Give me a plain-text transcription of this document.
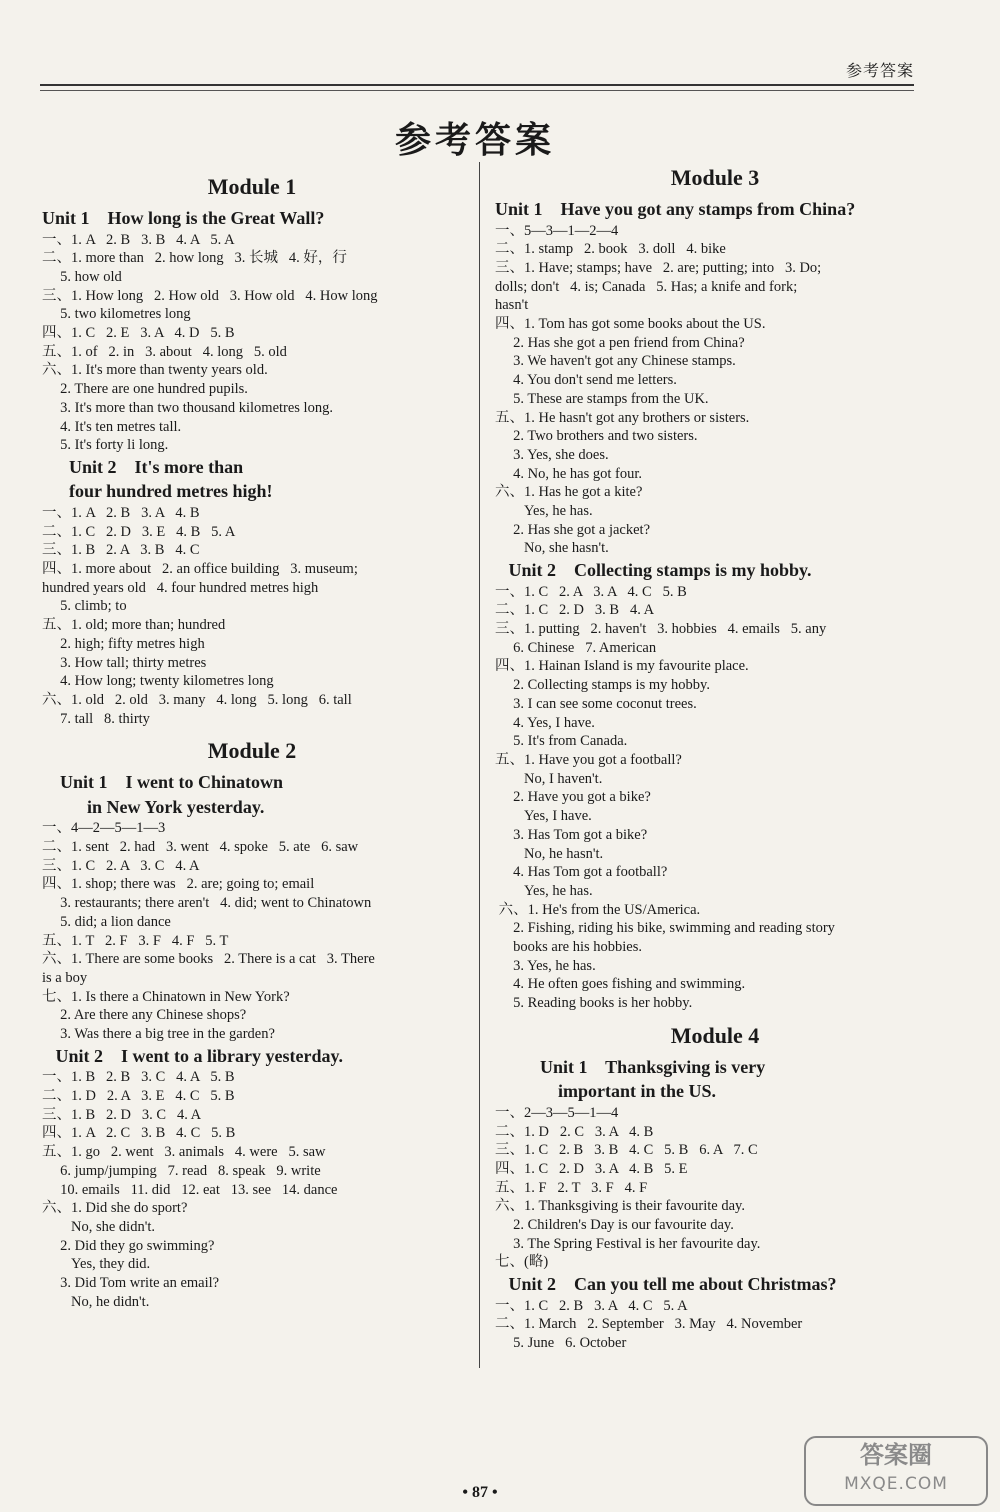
参考答案
参考答案
Module 1
Unit 1    How long is the Great Wall?

一、1. A   2. B   3. B   4. A   5. A

二、1. more than   2. how long   3. 长城   4. 好，行

5. how old

三、1. How long   2. How old   3. How old   4. How long

5. two kilometres long

四、1. C   2. E   3. A   4. D   5. B

五、1. of   2. in   3. about   4. long   5. old

六、1. It's more than twenty years old.

2. There are one hundred pupils.

3. It's more than two thousand kilometres long.

4. It's ten metres tall.

5. It's forty li long.

Unit 2    It's more than
four hundred metres high!

一、1. A   2. B   3. A   4. B

二、1. C   2. D   3. E   4. B   5. A

三、1. B   2. A   3. B   4. C

四、1. more about   2. an office building   3. museum;

hundred years old   4. four hundred metres high

5. climb; to

五、1. old; more than; hundred

2. high; fifty metres high

3. How tall; thirty metres

4. How long; twenty kilometres long

六、1. old   2. old   3. many   4. long   5. long   6. tall

7. tall   8. thirty

Module 2
Unit 1    I went to Chinatown
in New York yesterday.

一、4—2—5—1—3

二、1. sent   2. had   3. went   4. spoke   5. ate   6. saw

三、1. C   2. A   3. C   4. A

四、1. shop; there was   2. are; going to; email

3. restaurants; there aren't   4. did; went to Chinatown

5. did; a lion dance

五、1. T   2. F   3. F   4. F   5. T

六、1. There are some books   2. There is a cat   3. There

is a boy

七、1. Is there a Chinatown in New York?

2. Are there any Chinese shops?

3. Was there a big tree in the garden?

Unit 2    I went to a library yesterday.

一、1. B   2. B   3. C   4. A   5. B

二、1. D   2. A   3. E   4. C   5. B

三、1. B   2. D   3. C   4. A

四、1. A   2. C   3. B   4. C   5. B

五、1. go   2. went   3. animals   4. were   5. saw

6. jump/jumping   7. read   8. speak   9. write

10. emails   11. did   12. eat   13. see   14. dance

六、1. Did she do sport?

No, she didn't.

2. Did they go swimming?

Yes, they did.

3. Did Tom write an email?

No, he didn't.

Module 3
Unit 1    Have you got any stamps from China?

一、5—3—1—2—4

二、1. stamp   2. book   3. doll   4. bike

三、1. Have; stamps; have   2. are; putting; into   3. Do;

dolls; don't   4. is; Canada   5. Has; a knife and fork;

hasn't

四、1. Tom has got some books about the US.

2. Has she got a pen friend from China?

3. We haven't got any Chinese stamps.

4. You don't send me letters.

5. These are stamps from the UK.

五、1. He hasn't got any brothers or sisters.

2. Two brothers and two sisters.

3. Yes, she does.

4. No, he has got four.

六、1. Has he got a kite?

Yes, he has.

2. Has she got a jacket?

No, she hasn't.

Unit 2    Collecting stamps is my hobby.

一、1. C   2. A   3. A   4. C   5. B

二、1. C   2. D   3. B   4. A

三、1. putting   2. haven't   3. hobbies   4. emails   5. any

6. Chinese   7. American

四、1. Hainan Island is my favourite place.

2. Collecting stamps is my hobby.

3. I can see some coconut trees.

4. Yes, I have.

5. It's from Canada.

五、1. Have you got a football?

No, I haven't.

2. Have you got a bike?

Yes, I have.

3. Has Tom got a bike?

No, he hasn't.

4. Has Tom got a football?

Yes, he has.

六、1. He's from the US/America.

2. Fishing, riding his bike, swimming and reading story

books are his hobbies.

3. Yes, he has.

4. He often goes fishing and swimming.

5. Reading books is her hobby.

Module 4
Unit 1    Thanksgiving is very
important in the US.

一、2—3—5—1—4

二、1. D   2. C   3. A   4. B

三、1. C   2. B   3. B   4. C   5. B   6. A   7. C

四、1. C   2. D   3. A   4. B   5. E

五、1. F   2. T   3. F   4. F

六、1. Thanksgiving is their favourite day.

2. Children's Day is our favourite day.

3. The Spring Festival is her favourite day.

七、(略)

Unit 2    Can you tell me about Christmas?

一、1. C   2. B   3. A   4. C   5. A

二、1. March   2. September   3. May   4. November

5. June   6. October

• 87 •
答案圈
MXQE.COM
